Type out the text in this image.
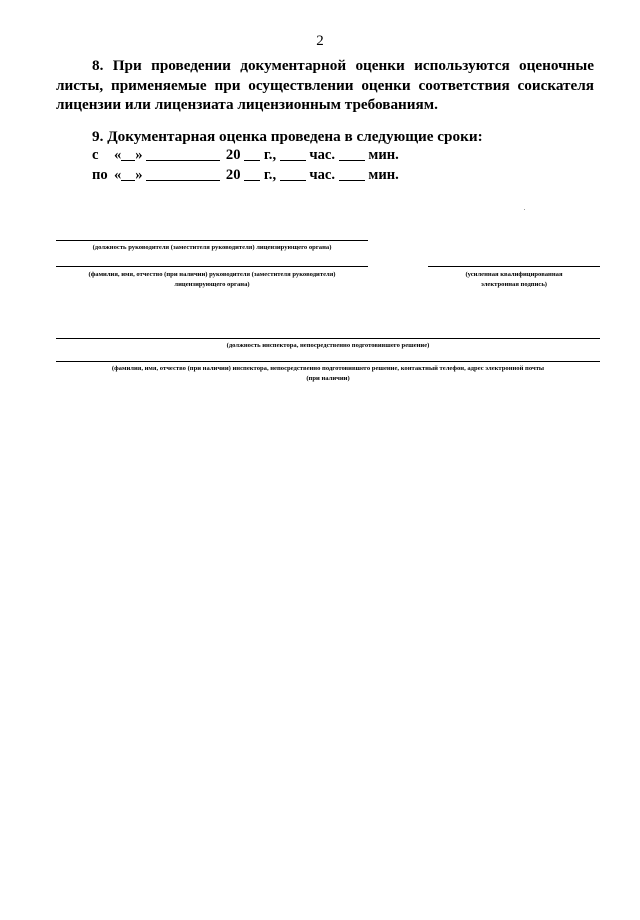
2

8. При проведении документарной оценки используются оценочные листы, применяемые при осуществлении оценки соответствия соискателя лицензии или лицензиата лицензионным требованиям.

9. Документарная оценка проведена в следующие сроки:

с « »	20 г., час. мин.
по « »	20 г., час. мин.
(должность руководителя (заместителя руководителя) лицензирующего органа)
(фамилия, имя, отчество (при наличии) руководителя (заместителя руководителя)
лицензирующего органа)
(усиленная квалифицированная
электронная подпись)
(должность инспектора, непосредственно подготовившего решение)
(фамилия, имя, отчество (при наличии) инспектора, непосредственно подготовившего решение, контактный телефон, адрес электронной почты
(при наличии)
